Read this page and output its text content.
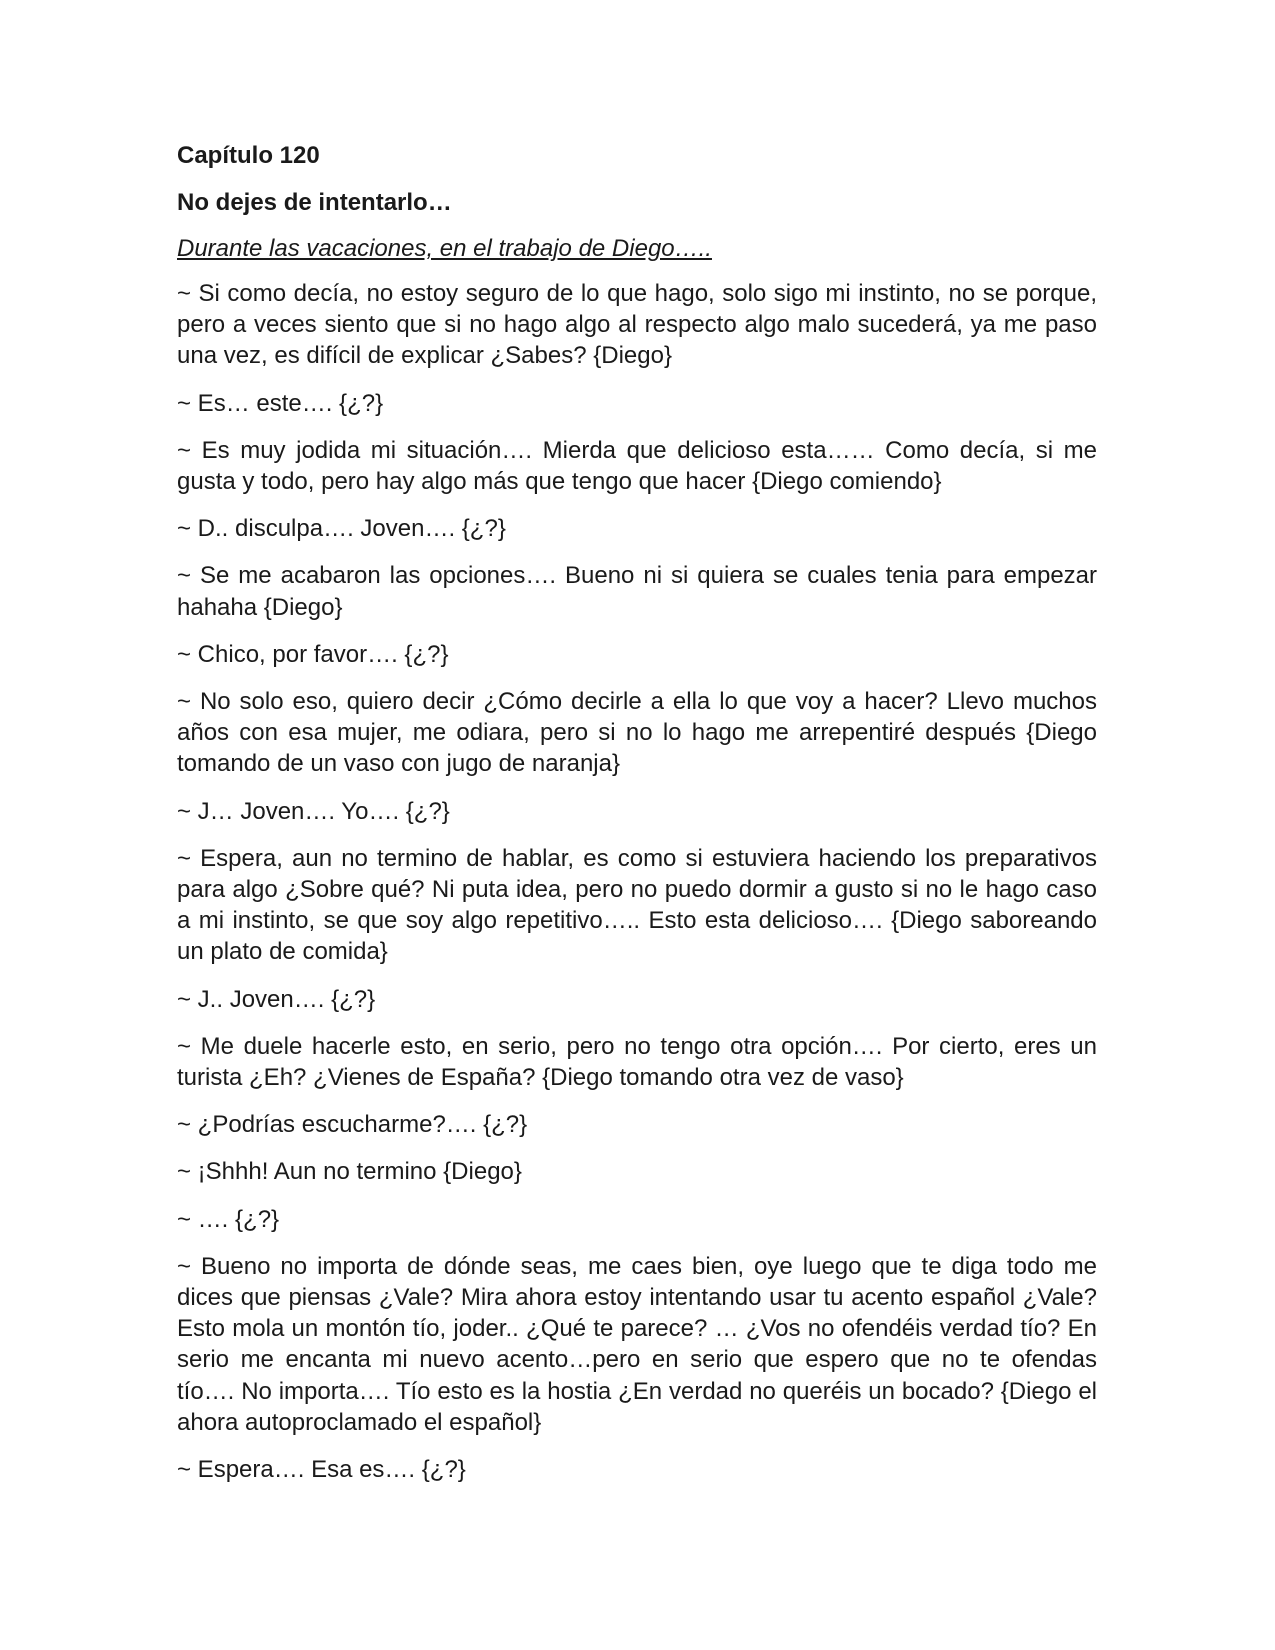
Capítulo 120
No dejes de intentarlo…
Durante las vacaciones, en el trabajo de Diego…..

~ Si como decía, no estoy seguro de lo que hago, solo sigo mi instinto, no se porque, pero a veces siento que si no hago algo al respecto algo malo sucederá, ya me paso una vez, es difícil de explicar ¿Sabes? {Diego}

~ Es… este…. {¿?}

~ Es muy jodida mi situación…. Mierda que delicioso esta…… Como decía, si me gusta y todo, pero hay algo más que tengo que hacer {Diego comiendo}

~ D.. disculpa…. Joven…. {¿?}

~ Se me acabaron las opciones…. Bueno ni si quiera se cuales tenia para empezar hahaha {Diego}

~ Chico, por favor…. {¿?}

~ No solo eso, quiero decir ¿Cómo decirle a ella lo que voy a hacer? Llevo muchos años con esa mujer, me odiara, pero si no lo hago me arrepentiré después {Diego tomando de un vaso con jugo de naranja}

~ J… Joven…. Yo…. {¿?}

~ Espera, aun no termino de hablar, es como si estuviera haciendo los preparativos para algo ¿Sobre qué? Ni puta idea, pero no puedo dormir a gusto si no le hago caso a mi instinto, se que soy algo repetitivo….. Esto esta delicioso…. {Diego saboreando un plato de comida}

~ J.. Joven…. {¿?}

~ Me duele hacerle esto, en serio, pero no tengo otra opción…. Por cierto, eres un turista ¿Eh? ¿Vienes de España? {Diego tomando otra vez de vaso}

~ ¿Podrías escucharme?…. {¿?}

~ ¡Shhh! Aun no termino {Diego}

~ …. {¿?}

~ Bueno no importa de dónde seas, me caes bien, oye luego que te diga todo me dices que piensas ¿Vale? Mira ahora estoy intentando usar tu acento español ¿Vale? Esto mola un montón tío, joder.. ¿Qué te parece? … ¿Vos no ofendéis verdad tío? En serio me encanta mi nuevo acento…pero en serio que espero que no te ofendas tío…. No importa…. Tío esto es la hostia ¿En verdad no queréis un bocado? {Diego el ahora autoproclamado el español}

~ Espera…. Esa es…. {¿?}
